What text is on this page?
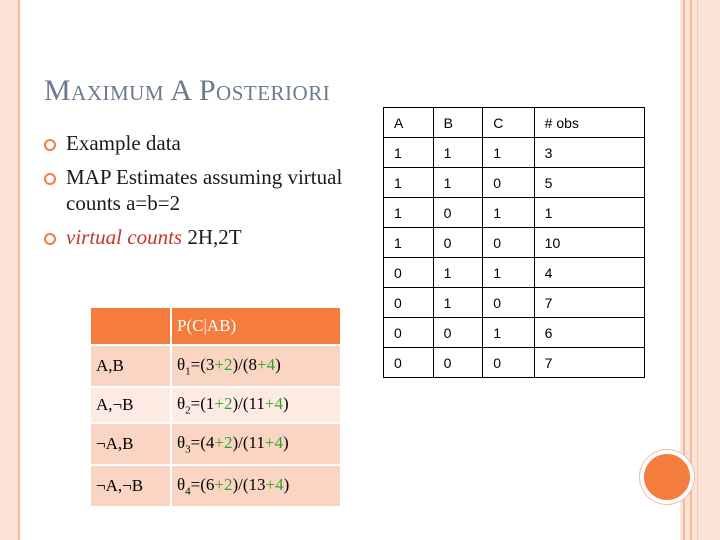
Maximum A Posteriori
Example data
MAP Estimates assuming virtual counts a=b=2
virtual counts 2H,2T
A	B	C	# obs
1	1	1	3
1	1	0	5
1	0	1	1
1	0	0	10
0	1	1	4
0	1	0	7
0	0	1	6
0	0	0	7
	P(C|AB)
A,B	$\theta_1=(3+2)/(8+4)$
A,¬B	$\theta_2=(1+2)/(11+4)$
¬A,B	$\theta_3=(4+2)/(11+4)$
¬A,¬B	$\theta_4=(6+2)/(13+4)$
